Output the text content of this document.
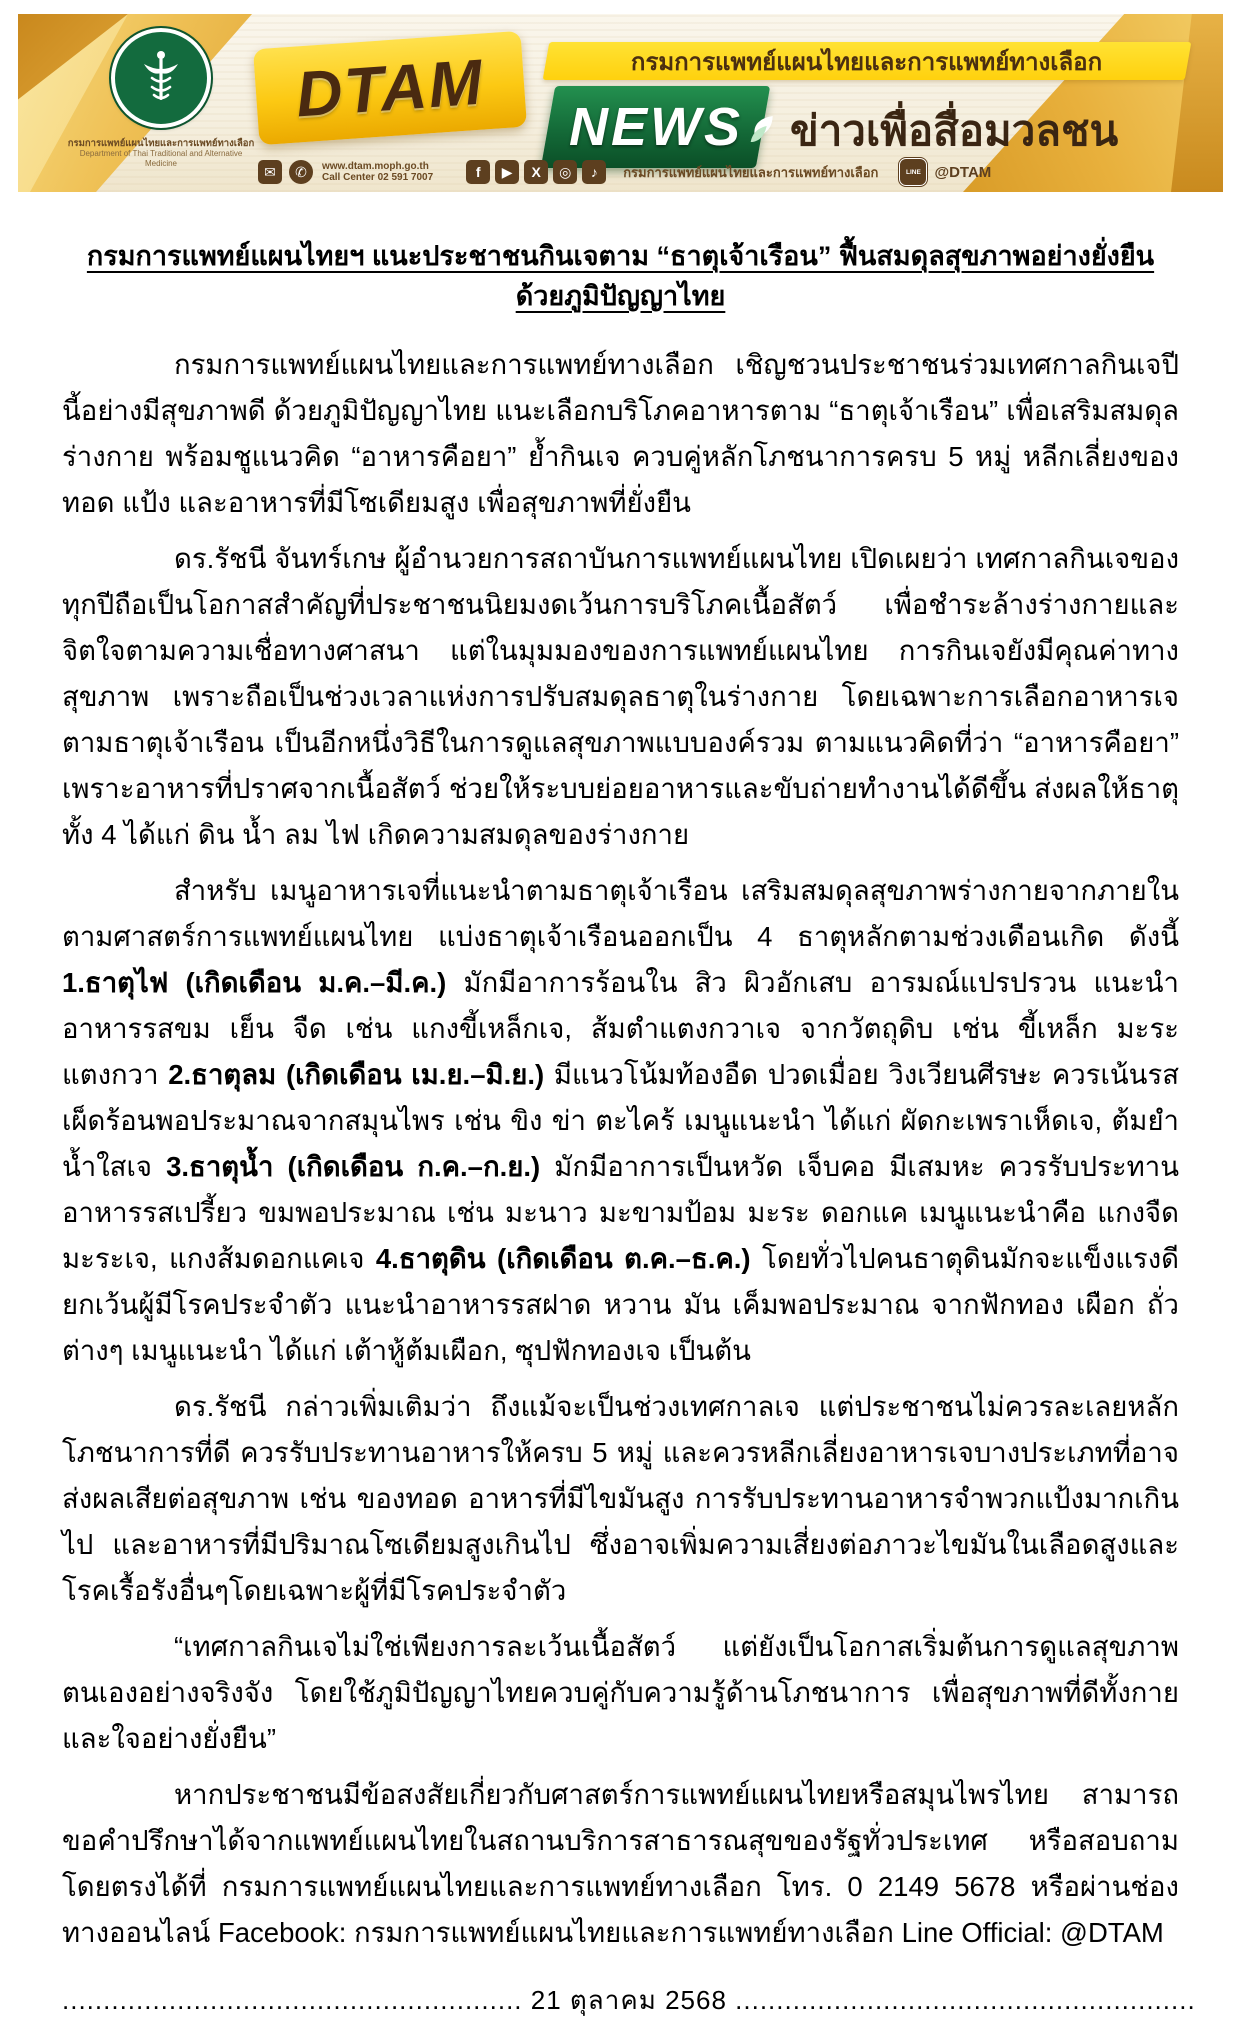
กรมการแพทย์แผนไทยและการแพทย์ทางเลือก
Department of Thai Traditional and Alternative Medicine
DTAM	กรมการแพทย์แผนไทยและการแพทย์ทางเลือก
NEWS ข่าวเพื่อสื่อมวลชน
✉	✆	www.dtam.moph.go.th
Call Center 02 591 7007	f	▶	X	◎	♪	กรมการแพทย์แผนไทยและการแพทย์ทางเลือก	LINE @DTAM
กรมการแพทย์แผนไทยฯ แนะประชาชนกินเจตาม “ธาตุเจ้าเรือน” ฟื้นสมดุลสุขภาพอย่างยั่งยืน ด้วยภูมิปัญญาไทย

กรมการแพทย์แผนไทยและการแพทย์ทางเลือก เชิญชวนประชาชนร่วมเทศกาลกินเจปีนี้อย่างมีสุขภาพดี ด้วยภูมิปัญญาไทย แนะเลือกบริโภคอาหารตาม “ธาตุเจ้าเรือน” เพื่อเสริมสมดุลร่างกาย พร้อมชูแนวคิด “อาหารคือยา” ย้ำกินเจ ควบคู่หลักโภชนาการครบ 5 หมู่ หลีกเลี่ยงของทอด แป้ง และอาหารที่มีโซเดียมสูง เพื่อสุขภาพที่ยั่งยืน

ดร.รัชนี จันทร์เกษ ผู้อำนวยการสถาบันการแพทย์แผนไทย เปิดเผยว่า เทศกาลกินเจของทุกปีถือเป็นโอกาสสำคัญที่ประชาชนนิยมงดเว้นการบริโภคเนื้อสัตว์ เพื่อชำระล้างร่างกายและจิตใจตามความเชื่อทางศาสนา แต่ในมุมมองของการแพทย์แผนไทย การกินเจยังมีคุณค่าทางสุขภาพ เพราะถือเป็นช่วงเวลาแห่งการปรับสมดุลธาตุในร่างกาย โดยเฉพาะการเลือกอาหารเจตามธาตุเจ้าเรือน เป็นอีกหนึ่งวิธีในการดูแลสุขภาพแบบองค์รวม ตามแนวคิดที่ว่า “อาหารคือยา” เพราะอาหารที่ปราศจากเนื้อสัตว์ ช่วยให้ระบบย่อยอาหารและขับถ่ายทำงานได้ดีขึ้น ส่งผลให้ธาตุทั้ง 4 ได้แก่ ดิน น้ำ ลม ไฟ เกิดความสมดุลของร่างกาย

สำหรับ เมนูอาหารเจที่แนะนำตามธาตุเจ้าเรือน เสริมสมดุลสุขภาพร่างกายจากภายใน ตามศาสตร์การแพทย์แผนไทย แบ่งธาตุเจ้าเรือนออกเป็น 4 ธาตุหลักตามช่วงเดือนเกิด ดังนี้ 1.ธาตุไฟ (เกิดเดือน ม.ค.–มี.ค.) มักมีอาการร้อนใน สิว ผิวอักเสบ อารมณ์แปรปรวน แนะนำอาหารรสขม เย็น จืด เช่น แกงขี้เหล็กเจ, ส้มตำแตงกวาเจ จากวัตถุดิบ เช่น ขี้เหล็ก มะระ แตงกวา 2.ธาตุลม (เกิดเดือน เม.ย.–มิ.ย.) มีแนวโน้มท้องอืด ปวดเมื่อย วิงเวียนศีรษะ ควรเน้นรสเผ็ดร้อนพอประมาณจากสมุนไพร เช่น ขิง ข่า ตะไคร้ เมนูแนะนำ ได้แก่ ผัดกะเพราเห็ดเจ, ต้มยำน้ำใสเจ 3.ธาตุน้ำ (เกิดเดือน ก.ค.–ก.ย.) มักมีอาการเป็นหวัด เจ็บคอ มีเสมหะ ควรรับประทานอาหารรสเปรี้ยว ขมพอประมาณ เช่น มะนาว มะขามป้อม มะระ ดอกแค เมนูแนะนำคือ แกงจืดมะระเจ, แกงส้มดอกแคเจ 4.ธาตุดิน (เกิดเดือน ต.ค.–ธ.ค.) โดยทั่วไปคนธาตุดินมักจะแข็งแรงดี ยกเว้นผู้มีโรคประจำตัว แนะนำอาหารรสฝาด หวาน มัน เค็มพอประมาณ จากฟักทอง เผือก ถั่วต่างๆ เมนูแนะนำ ได้แก่ เต้าหู้ต้มเผือก, ซุปฟักทองเจ เป็นต้น

ดร.รัชนี กล่าวเพิ่มเติมว่า ถึงแม้จะเป็นช่วงเทศกาลเจ แต่ประชาชนไม่ควรละเลยหลักโภชนาการที่ดี ควรรับประทานอาหารให้ครบ 5 หมู่ และควรหลีกเลี่ยงอาหารเจบางประเภทที่อาจส่งผลเสียต่อสุขภาพ เช่น ของทอด อาหารที่มีไขมันสูง การรับประทานอาหารจำพวกแป้งมากเกินไป และอาหารที่มีปริมาณโซเดียมสูงเกินไป ซึ่งอาจเพิ่มความเสี่ยงต่อภาวะไขมันในเลือดสูงและโรคเรื้อรังอื่นๆโดยเฉพาะผู้ที่มีโรคประจำตัว

“เทศกาลกินเจไม่ใช่เพียงการละเว้นเนื้อสัตว์ แต่ยังเป็นโอกาสเริ่มต้นการดูแลสุขภาพตนเองอย่างจริงจัง โดยใช้ภูมิปัญญาไทยควบคู่กับความรู้ด้านโภชนาการ เพื่อสุขภาพที่ดีทั้งกายและใจอย่างยั่งยืน”

หากประชาชนมีข้อสงสัยเกี่ยวกับศาสตร์การแพทย์แผนไทยหรือสมุนไพรไทย สามารถขอคำปรึกษาได้จากแพทย์แผนไทยในสถานบริการสาธารณสุขของรัฐทั่วประเทศ หรือสอบถามโดยตรงได้ที่ กรมการแพทย์แผนไทยและการแพทย์ทางเลือก โทร. 0 2149 5678 หรือผ่านช่องทางออนไลน์ Facebook: กรมการแพทย์แผนไทยและการแพทย์ทางเลือก Line Official: @DTAM

........................................................ 21 ตุลาคม 2568 ........................................................
